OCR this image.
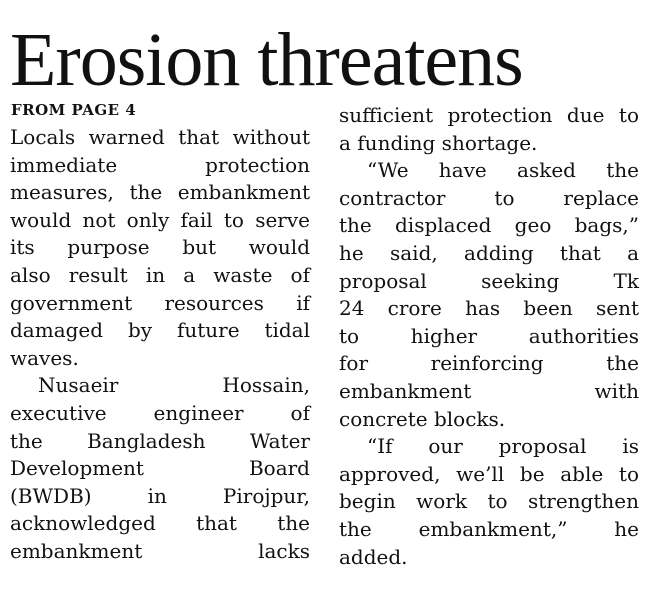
Erosion threatens
FROM PAGE 4
Locals warned that without
immediate protection
measures, the embankment
would not only fail to serve
its purpose but would
also result in a waste of
government resources if
damaged by future tidal
waves.
Nusaeir Hossain,
executive engineer of
the Bangladesh Water
Development Board
(BWDB) in Pirojpur,
acknowledged that the
embankment lacks
sufficient protection due to
a funding shortage.
“We have asked the
contractor to replace
the displaced geo bags,”
he said, adding that a
proposal seeking Tk
24 crore has been sent
to higher authorities
for reinforcing the
embankment with
concrete blocks.
“If our proposal is
approved, we’ll be able to
begin work to strengthen
the embankment,” he
added.
